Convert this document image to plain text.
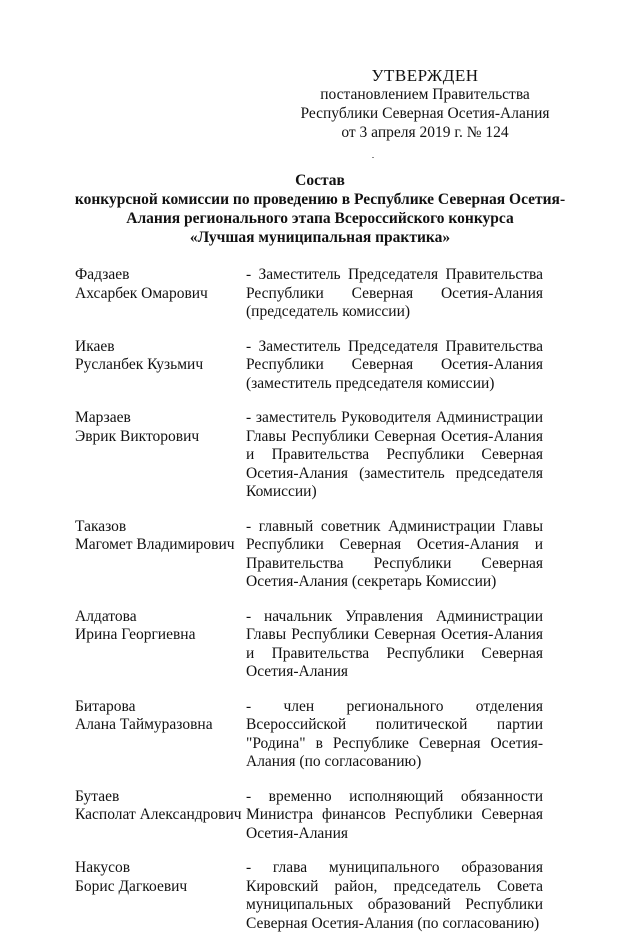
УТВЕРЖДЕН
постановлением Правительства
Республики Северная Осетия-Алания
от 3 апреля 2019 г. № 124
Состав
конкурсной комиссии по проведению в Республике Северная Осетия-
Алания регионального этапа Всероссийского конкурса
«Лучшая муниципальная практика»
Фадзаев
Ахсарбек Омарович
- Заместитель Председателя Правительства Республики Северная Осетия-Алания (председатель комиссии)
Икаев
Русланбек Кузьмич
- Заместитель Председателя Правительства Республики Северная Осетия-Алания (заместитель председателя комиссии)
Марзаев
Эврик Викторович
- заместитель Руководителя Администрации Главы Республики Северная Осетия-Алания и Правительства Республики Северная Осетия-Алания (заместитель председателя Комиссии)
Таказов
Магомет Владимирович
- главный советник Администрации Главы Республики Северная Осетия-Алания и Правительства Республики Северная Осетия-Алания (секретарь Комиссии)
Алдатова
Ирина Георгиевна
- начальник Управления Администрации Главы Республики Северная Осетия-Алания и Правительства Республики Северная Осетия-Алания
Битарова
Алана Таймуразовна
- член регионального отделения Всероссийской политической партии "Родина" в Республике Северная Осетия-Алания (по согласованию)
Бутаев
Касполат Александрович
- временно исполняющий обязанности Министра финансов Республики Северная Осетия-Алания
Накусов
Борис Дагкоевич
- глава муниципального образования Кировский район, председатель Совета муниципальных образований Республики Северная Осетия-Алания (по согласованию)
